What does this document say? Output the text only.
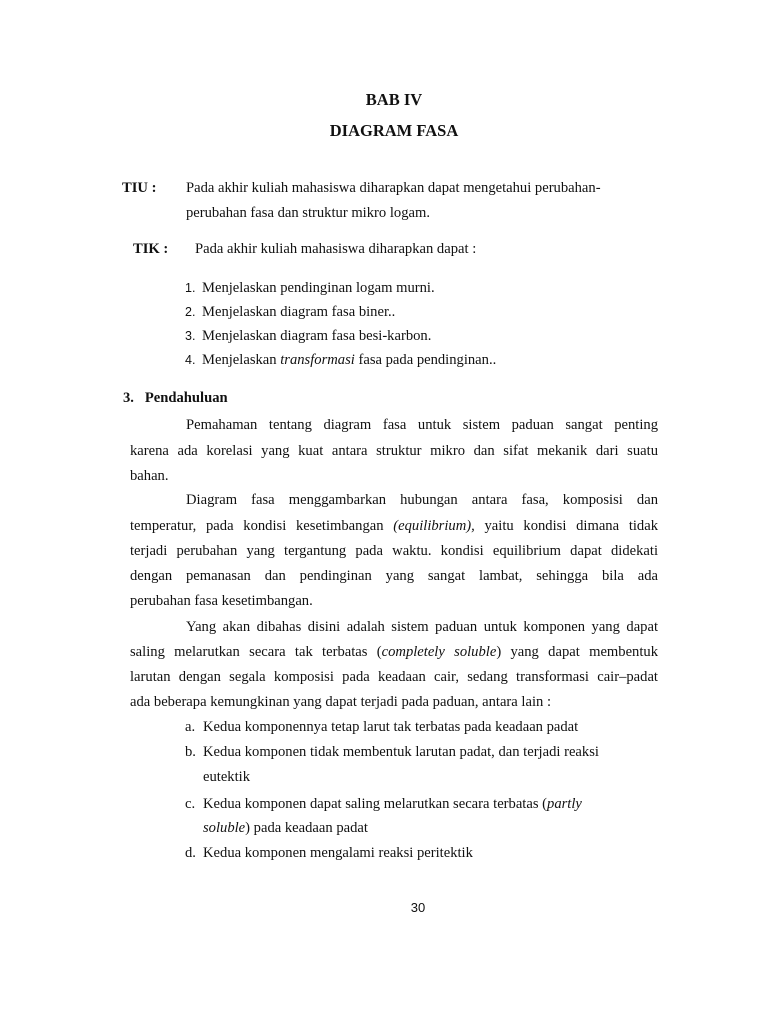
BAB IV
DIAGRAM FASA
TIU : Pada akhir kuliah mahasiswa diharapkan dapat mengetahui perubahan-
perubahan fasa dan struktur mikro logam.
TIK : Pada akhir kuliah mahasiswa diharapkan dapat :
1. Menjelaskan pendinginan logam murni.
2. Menjelaskan diagram fasa biner..
3. Menjelaskan diagram fasa besi-karbon.
4. Menjelaskan transformasi fasa pada pendinginan..
3.   Pendahuluan
Pemahaman tentang diagram fasa untuk sistem paduan sangat penting
karena ada korelasi yang kuat antara struktur mikro dan sifat mekanik dari suatu
bahan.
Diagram fasa menggambarkan hubungan antara fasa, komposisi dan
temperatur, pada kondisi kesetimbangan (equilibrium), yaitu kondisi dimana tidak
terjadi perubahan yang tergantung pada waktu. kondisi equilibrium dapat didekati
dengan pemanasan dan pendinginan yang sangat lambat, sehingga bila ada
perubahan fasa kesetimbangan.
Yang akan dibahas disini adalah sistem paduan untuk komponen yang dapat
saling melarutkan secara tak terbatas (completely soluble) yang dapat membentuk
larutan dengan segala komposisi pada keadaan cair, sedang transformasi cair–padat
ada beberapa kemungkinan yang dapat terjadi pada paduan, antara lain :
a. Kedua komponennya tetap larut tak terbatas pada keadaan padat
b. Kedua komponen tidak membentuk larutan padat, dan terjadi reaksi
eutektik
c. Kedua komponen dapat saling melarutkan secara terbatas (partly
soluble) pada keadaan padat
d. Kedua komponen mengalami reaksi peritektik
30
